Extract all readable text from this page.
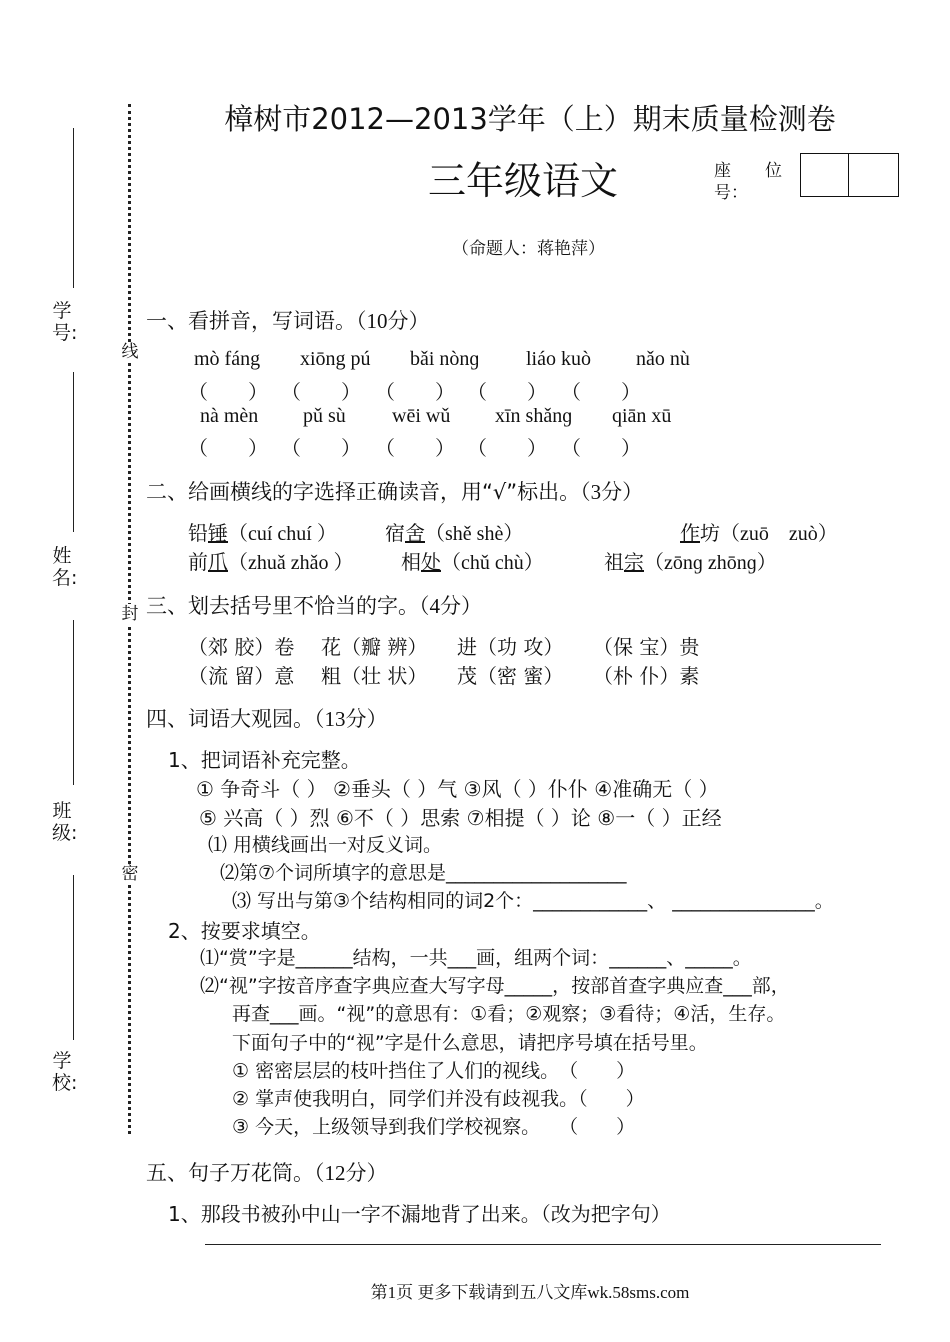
学号:
姓名:
班级:
学校:
线
封
密
樟树市2012—2013学年（上）期末质量检测卷
三年级语文	座　　位
号：
（命题人：蒋艳萍）
一、看拼音，写词语。（10分）
mò fáng xiōng pú bǎi nònɡ liáo kuò nǎo nù
（　　） （　　） （　　） （　　） （　　）
nà mèn pǔ sù wēi wǔ xīn shǎnɡ qiān xū
（　　） （　　） （　　） （　　） （　　）
二、给画横线的字选择正确读音，用“√”标出。（3分）
铅锤（cuí chuí ） 宿舍（shě shè）	作坊（zuō　zuò）
前爪（zhuǎ zhǎo ） 相处（chǔ chù）	祖宗（zōnɡ zhōnɡ）
三、划去括号里不恰当的字。（4分）
（郊 胶）卷 花（瓣 辨） 进（功 攻） （保 宝）贵
（流 留）意 粗（壮 状） 茂（密 蜜） （朴 仆）素
四、词语大观园。（13分）
1、把词语补充完整。
① 争奇斗（ ） ②垂头（ ）气 ③风（ ）仆仆 ④准确无（ ）
⑤ 兴高（ ）烈 ⑥不（ ）思索 ⑦相提（ ）论 ⑧一（ ）正经
⑴ 用横线画出一对反义词。
⑵第⑦个词所填字的意思是___________________
⑶ 写出与第③个结构相同的词2个：____________、 _______________。
2、按要求填空。
⑴“赏”字是______结构，一共___画，组两个词：______、_____。
⑵“视”字按音序查字典应查大写字母_____，按部首查字典应查___部，
再查___画。“视”的意思有：①看；②观察；③看待；④活，生存。
下面句子中的“视”字是什么意思，请把序号填在括号里。
① 密密层层的枝叶挡住了人们的视线。　（　　）
② 掌声使我明白，同学们并没有歧视我。（　　）
③ 今天，上级领导到我们学校视察。　　（　　）
五、句子万花筒。（12分）
1、那段书被孙中山一字不漏地背了出来。（改为把字句）
第1页 更多下载请到五八文库wk.58sms.com
